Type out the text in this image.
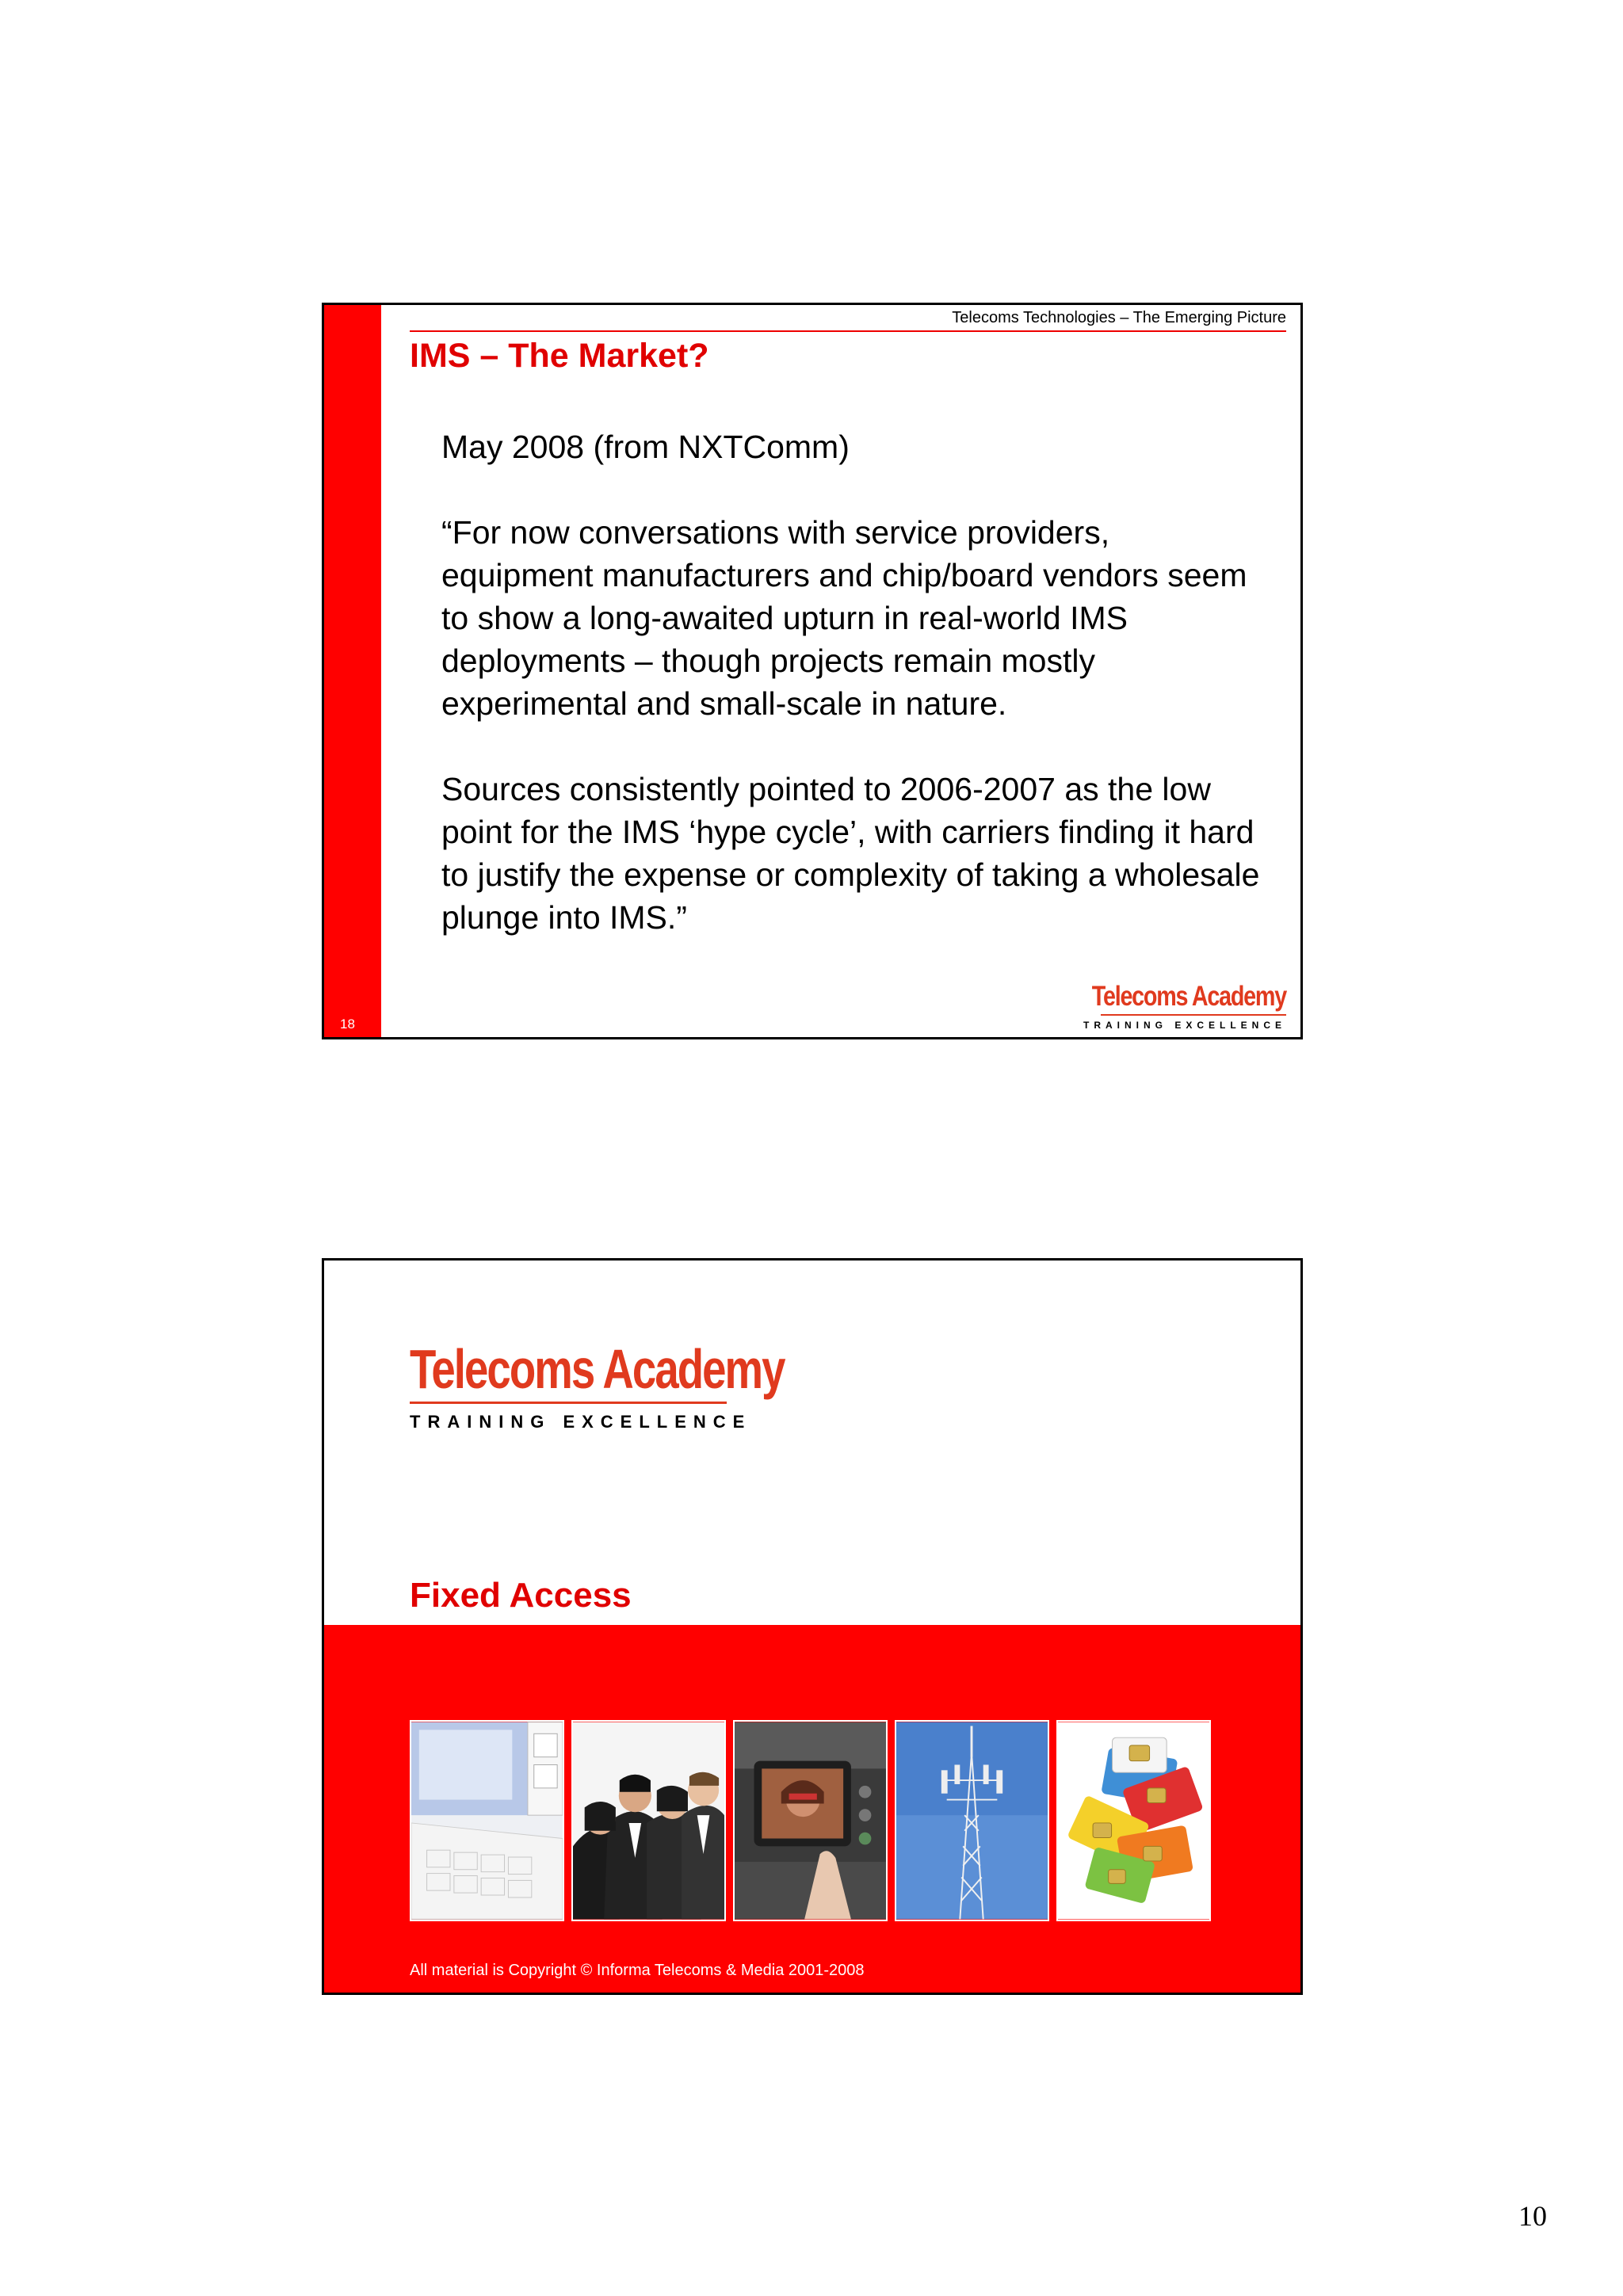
18
Telecoms Technologies – The Emerging Picture
IMS – The Market?

May 2008 (from NXTComm)

“For now conversations with service providers, equipment manufacturers and chip/board vendors seem to show a long-awaited upturn in real-world IMS deployments – though projects remain mostly experimental and small-scale in nature.

Sources consistently pointed to 2006-2007 as the low point for the IMS ‘hype cycle’, with carriers finding it hard to justify the expense or complexity of taking a wholesale plunge into IMS.”

Telecoms Academy
TRAINING EXCELLENCE
Telecoms Academy
TRAINING EXCELLENCE
Fixed Access
All material is Copyright © Informa Telecoms & Media 2001-2008
10
